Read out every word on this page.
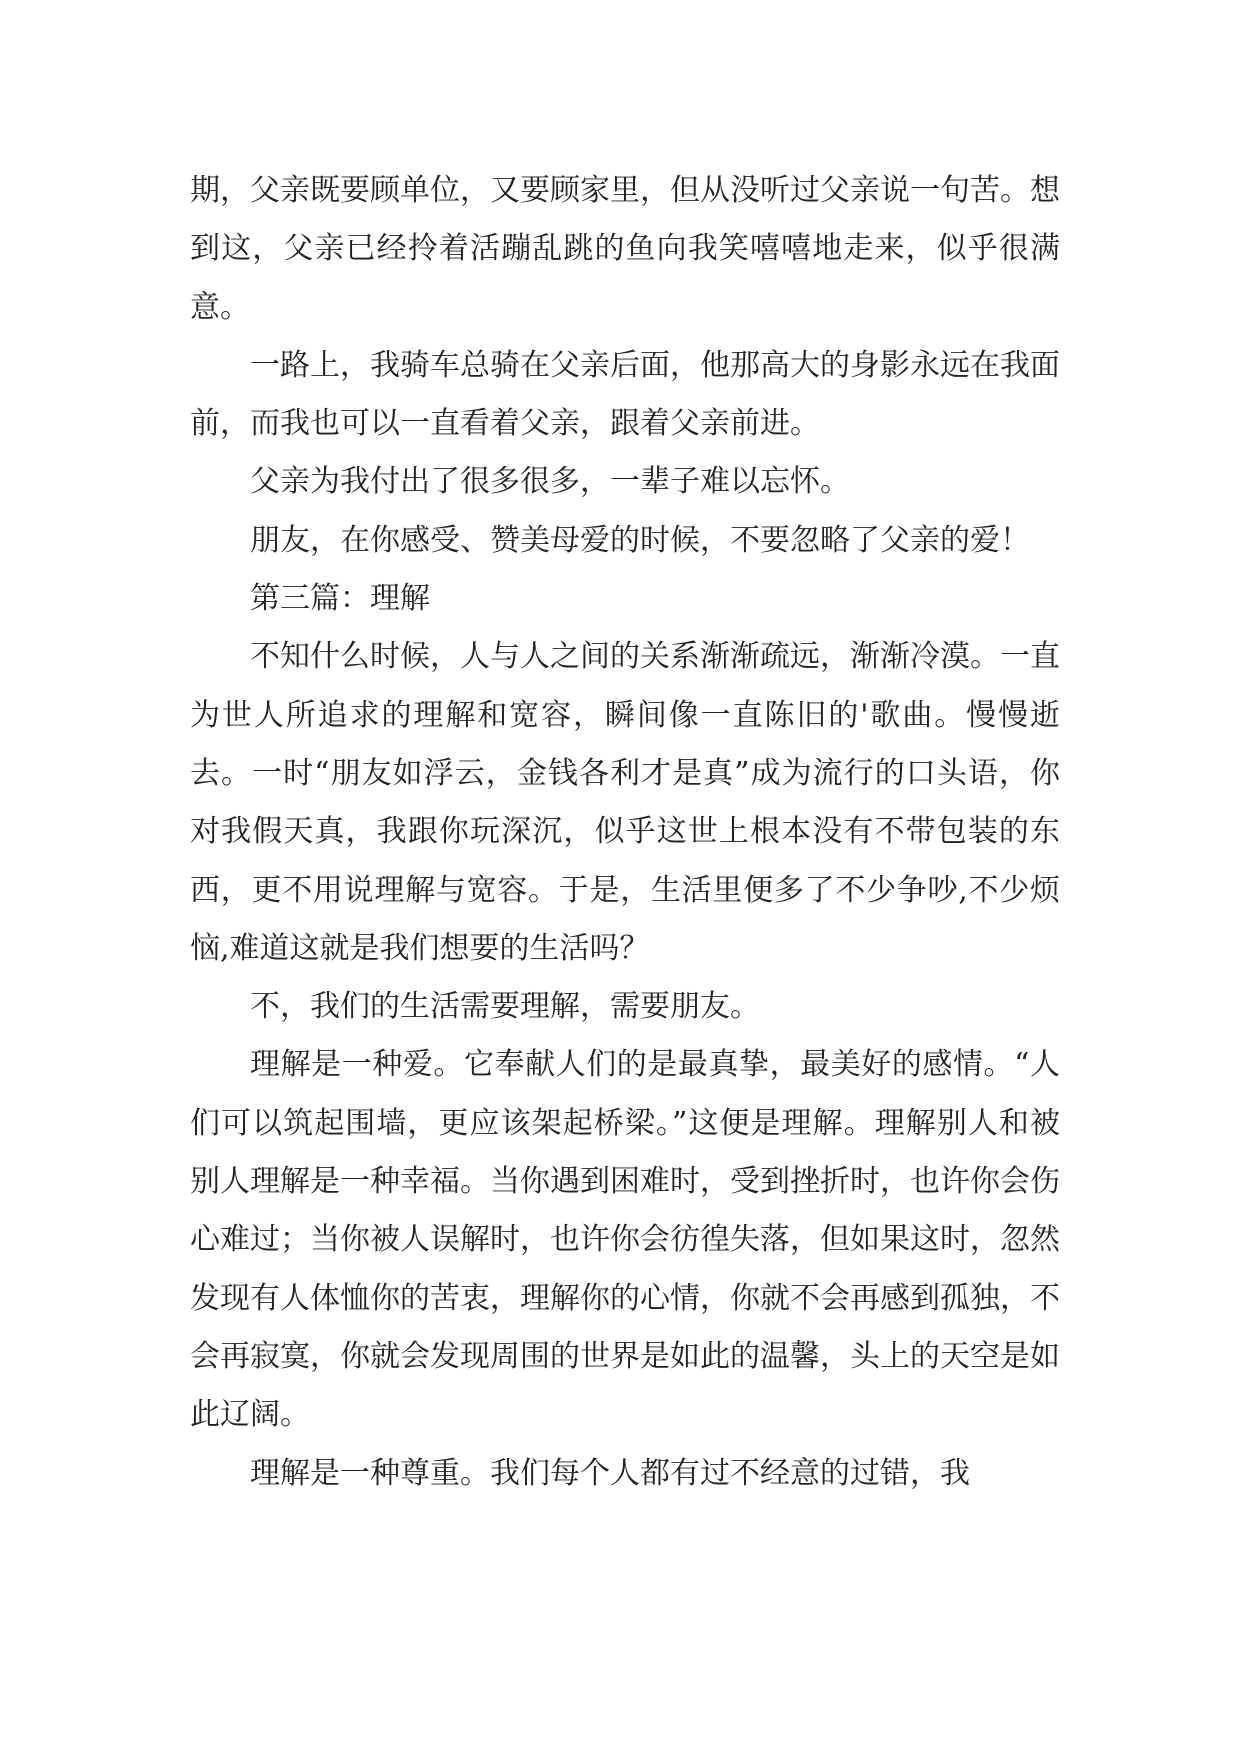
期，父亲既要顾单位，又要顾家里，但从没听过父亲说一句苦。想到这，父亲已经拎着活蹦乱跳的鱼向我笑嘻嘻地走来，似乎很满意。

一路上，我骑车总骑在父亲后面，他那高大的身影永远在我面前，而我也可以一直看着父亲，跟着父亲前进。

父亲为我付出了很多很多，一辈子难以忘怀。

朋友，在你感受、赞美母爱的时候，不要忽略了父亲的爱！

第三篇：理解

不知什么时候，人与人之间的关系渐渐疏远，渐渐冷漠。一直为世人所追求的理解和宽容，瞬间像一直陈旧的'歌曲。慢慢逝去。一时“朋友如浮云，金钱各利才是真”成为流行的口头语，你对我假天真，我跟你玩深沉，似乎这世上根本没有不带包装的东西，更不用说理解与宽容。于是，生活里便多了不少争吵,不少烦恼,难道这就是我们想要的生活吗？

不，我们的生活需要理解，需要朋友。

理解是一种爱。它奉献人们的是最真挚，最美好的感情。“人们可以筑起围墙，更应该架起桥梁。”这便是理解。理解别人和被别人理解是一种幸福。当你遇到困难时，受到挫折时，也许你会伤心难过；当你被人误解时，也许你会彷徨失落，但如果这时，忽然发现有人体恤你的苦衷，理解你的心情，你就不会再感到孤独，不会再寂寞，你就会发现周围的世界是如此的温馨，头上的天空是如此辽阔。

理解是一种尊重。我们每个人都有过不经意的过错，我
